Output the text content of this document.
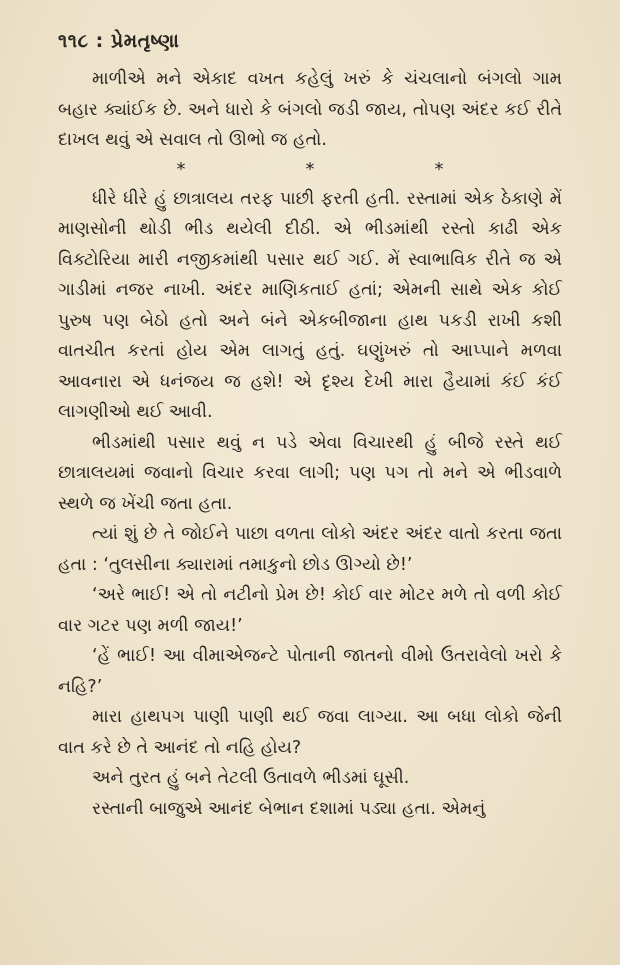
૧૧૮ : પ્રેમતૃષ્ણા

માળીએ મને એકાદ વખત કહેલું ખરું કે ચંચલાનો બંગલો ગામ બહાર ક્યાંઈક છે. અને ધારો કે બંગલો જડી જાય, તોપણ અંદર કઈ રીતે દાખલ થવું એ સવાલ તો ઊભો જ હતો.

*	*	*

ધીરે ધીરે હું છાત્રાલય તરફ પાછી ફરતી હતી. રસ્તામાં એક ઠેકાણે મેં માણસોની થોડી ભીડ થયેલી દીઠી. એ ભીડમાંથી રસ્તો કાઢી એક વિક્ટોરિયા મારી નજીકમાંથી પસાર થઈ ગઈ. મેં સ્વાભાવિક રીતે જ એ ગાડીમાં નજર નાખી. અંદર માણિકતાઈ હતાં; એમની સાથે એક કોઈ પુરુષ પણ બેઠો હતો અને બંને એકબીજાના હાથ પકડી રાખી કશી વાતચીત કરતાં હોય એમ લાગતું હતું. ઘણુંખરું તો આપ્પાને મળવા આવનારા એ ધનંજય જ હશે! એ દૃશ્ય દેખી મારા હૈયામાં કંઈ કંઈ લાગણીઓ થઈ આવી.

ભીડમાંથી પસાર થવું ન પડે એવા વિચારથી હું બીજે રસ્તે થઈ છાત્રાલયમાં જવાનો વિચાર કરવા લાગી; પણ પગ તો મને એ ભીડવાળે સ્થળે જ ખેંચી જતા હતા.

ત્યાં શું છે તે જોઈને પાછા વળતા લોકો અંદર અંદર વાતો કરતા જતા હતા : ‘તુલસીના ક્યારામાં તમાકુનો છોડ ઊગ્યો છે!’

‘અરે ભાઈ! એ તો નટીનો પ્રેમ છે! કોઈ વાર મોટર મળે તો વળી કોઈ વાર ગટર પણ મળી જાય!’

‘હેં ભાઈ! આ વીમાએજન્ટે પોતાની જાતનો વીમો ઉતરાવેલો ખરો કે નહિ?’

મારા હાથપગ પાણી પાણી થઈ જવા લાગ્યા. આ બધા લોકો જેની વાત કરે છે તે આનંદ તો નહિ હોય?

અને તુરત હું બને તેટલી ઉતાવળે ભીડમાં ઘૂસી.

રસ્તાની બાજુએ આનંદ બેભાન દશામાં પડ્યા હતા. એમનું
